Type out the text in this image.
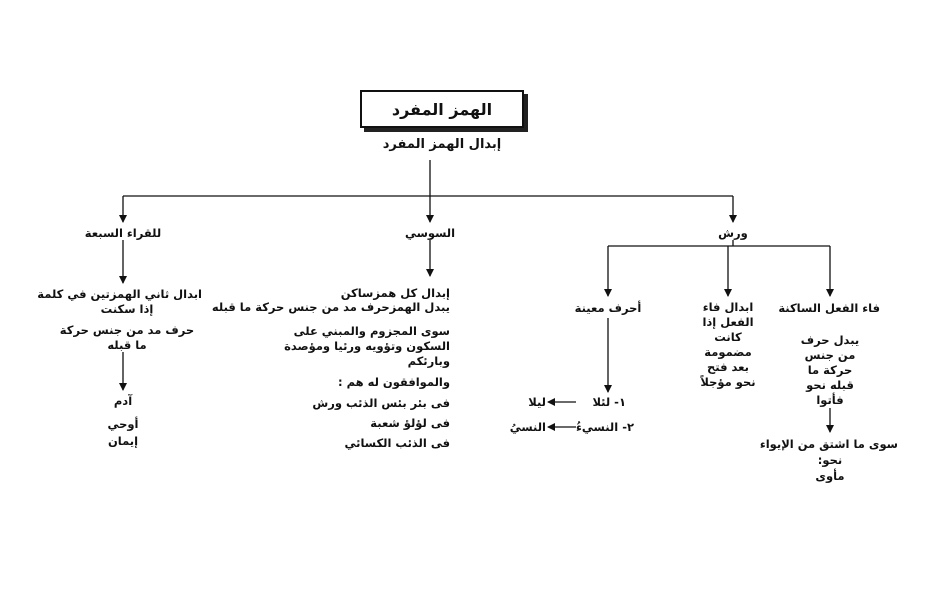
الهمز المفرد
إبدال الهمز المفرد
للقراء السبعة
ابدال ثاني الهمزتين في كلمة
إذا سكنت
حرف مد من جنس حركة
ما قبله
آدم
أوحي
إيمان
السوسي
إبدال كل همزساكن
يبدل الهمزحرف مد من جنس حركة ما قبله
سوى المجزوم والمبني على
السكون وتؤويه ورئيا ومؤصدة
وبارئكم
والموافقون له هم :
فى بئر بئس الذئب ورش
فى لؤلؤ شعبة
فى الذئب الكسائي
ورش
أحرف معينة
١- لئلا
ليلا
٢- النسيءُ
النسيُ
ابدال فاء
الفعل إذا
كانت
مضمومة
بعد فتح
نحو مؤجلاً
فاء الفعل الساكنة
يبدل حرف
من جنس
حركة ما
قبله نحو
فأتوا
سوى ما اشتق من الإيواء
نحو:
مأوى
